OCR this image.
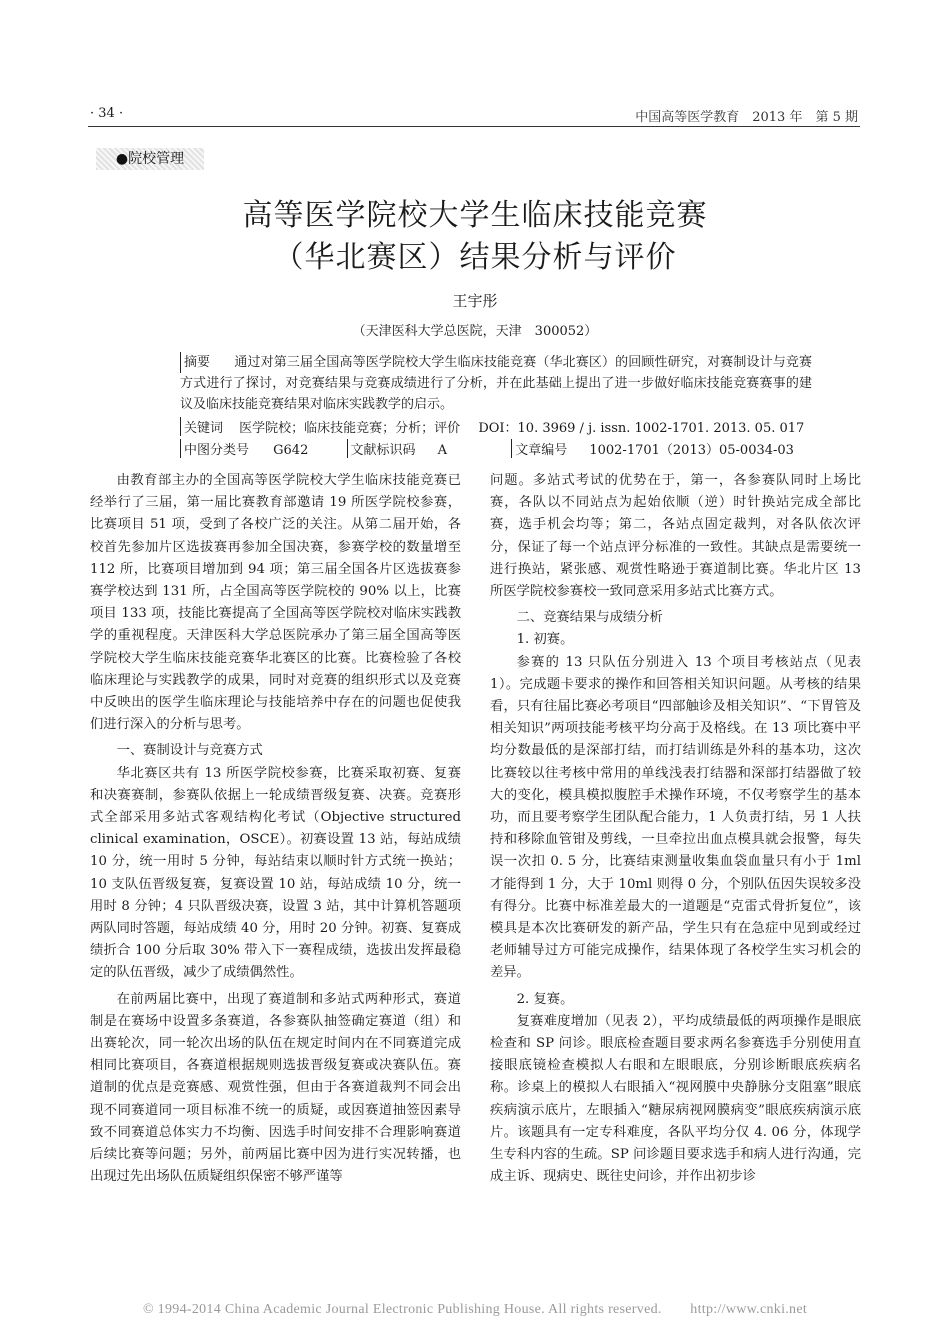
· 34 ·	中国高等医学教育　2013 年　第 5 期
●院校管理
高等医学院校大学生临床技能竞赛
（华北赛区）结果分析与评价
王宇彤
（天津医科大学总医院，天津　300052）
摘要 通过对第三届全国高等医学院校大学生临床技能竞赛（华北赛区）的回顾性研究，对赛制设计与竞赛方式进行了探讨，对竞赛结果与竞赛成绩进行了分析，并在此基础上提出了进一步做好临床技能竞赛赛事的建议及临床技能竞赛结果对临床实践教学的启示。
关键词 医学院校；临床技能竞赛；分析；评价 DOI：10. 3969 / j. issn. 1002-1701. 2013. 05. 017
中图分类号 G642	文献标识码 A	文章编号 1002-1701（2013）05-0034-03

由教育部主办的全国高等医学院校大学生临床技能竞赛已经举行了三届，第一届比赛教育部邀请 19 所医学院校参赛，比赛项目 51 项，受到了各校广泛的关注。从第二届开始，各校首先参加片区选拔赛再参加全国决赛，参赛学校的数量增至 112 所，比赛项目增加到 94 项；第三届全国各片区选拔赛参赛学校达到 131 所，占全国高等医学院校的 90% 以上，比赛项目 133 项，技能比赛提高了全国高等医学院校对临床实践教学的重视程度。天津医科大学总医院承办了第三届全国高等医学院校大学生临床技能竞赛华北赛区的比赛。比赛检验了各校临床理论与实践教学的成果，同时对竞赛的组织形式以及竞赛中反映出的医学生临床理论与技能培养中存在的问题也促使我们进行深入的分析与思考。

一、赛制设计与竞赛方式

华北赛区共有 13 所医学院校参赛，比赛采取初赛、复赛和决赛赛制，参赛队依据上一轮成绩晋级复赛、决赛。竞赛形式全部采用多站式客观结构化考试（Objective structured clinical examination，OSCE）。初赛设置 13 站，每站成绩 10 分，统一用时 5 分钟，每站结束以顺时针方式统一换站；10 支队伍晋级复赛，复赛设置 10 站，每站成绩 10 分，统一用时 8 分钟；4 只队晋级决赛，设置 3 站，其中计算机答题项两队同时答题，每站成绩 40 分，用时 20 分钟。初赛、复赛成绩折合 100 分后取 30% 带入下一赛程成绩，选拔出发挥最稳定的队伍晋级，减少了成绩偶然性。

在前两届比赛中，出现了赛道制和多站式两种形式，赛道制是在赛场中设置多条赛道，各参赛队抽签确定赛道（组）和出赛轮次，同一轮次出场的队伍在规定时间内在不同赛道完成相同比赛项目，各赛道根据规则选拔晋级复赛或决赛队伍。赛道制的优点是竞赛感、观赏性强，但由于各赛道裁判不同会出现不同赛道同一项目标准不统一的质疑，或因赛道抽签因素导致不同赛道总体实力不均衡、因选手时间安排不合理影响赛道后续比赛等问题；另外，前两届比赛中因为进行实况转播，也出现过先出场队伍质疑组织保密不够严谨等

问题。多站式考试的优势在于，第一，各参赛队同时上场比赛，各队以不同站点为起始依顺（逆）时针换站完成全部比赛，选手机会均等；第二，各站点固定裁判，对各队依次评分，保证了每一个站点评分标准的一致性。其缺点是需要统一进行换站，紧张感、观赏性略逊于赛道制比赛。华北片区 13 所医学院校参赛校一致同意采用多站式比赛方式。

二、竞赛结果与成绩分析

1. 初赛。

参赛的 13 只队伍分别进入 13 个项目考核站点（见表 1）。完成题卡要求的操作和回答相关知识问题。从考核的结果看，只有往届比赛必考项目“四部触诊及相关知识”、“下胃管及相关知识”两项技能考核平均分高于及格线。在 13 项比赛中平均分数最低的是深部打结，而打结训练是外科的基本功，这次比赛较以往考核中常用的单线浅表打结器和深部打结器做了较大的变化，模具模拟腹腔手术操作环境，不仅考察学生的基本功，而且要考察学生团队配合能力，1 人负责打结，另 1 人扶持和移除血管钳及剪线，一旦牵拉出血点模具就会报警，每失误一次扣 0. 5 分，比赛结束测量收集血袋血量只有小于 1ml 才能得到 1 分，大于 10ml 则得 0 分，个别队伍因失误较多没有得分。比赛中标准差最大的一道题是“克雷式骨折复位”，该模具是本次比赛研发的新产品，学生只有在急症中见到或经过老师辅导过方可能完成操作，结果体现了各校学生实习机会的差异。

2. 复赛。

复赛难度增加（见表 2），平均成绩最低的两项操作是眼底检查和 SP 问诊。眼底检查题目要求两名参赛选手分别使用直接眼底镜检查模拟人右眼和左眼眼底，分别诊断眼底疾病名称。诊桌上的模拟人右眼插入“视网膜中央静脉分支阻塞”眼底疾病演示底片，左眼插入“糖尿病视网膜病变”眼底疾病演示底片。该题具有一定专科难度，各队平均分仅 4. 06 分，体现学生专科内容的生疏。SP 问诊题目要求选手和病人进行沟通，完成主诉、现病史、既往史问诊，并作出初步诊

© 1994-2014 China Academic Journal Electronic Publishing House. All rights reserved.　　http://www.cnki.net
